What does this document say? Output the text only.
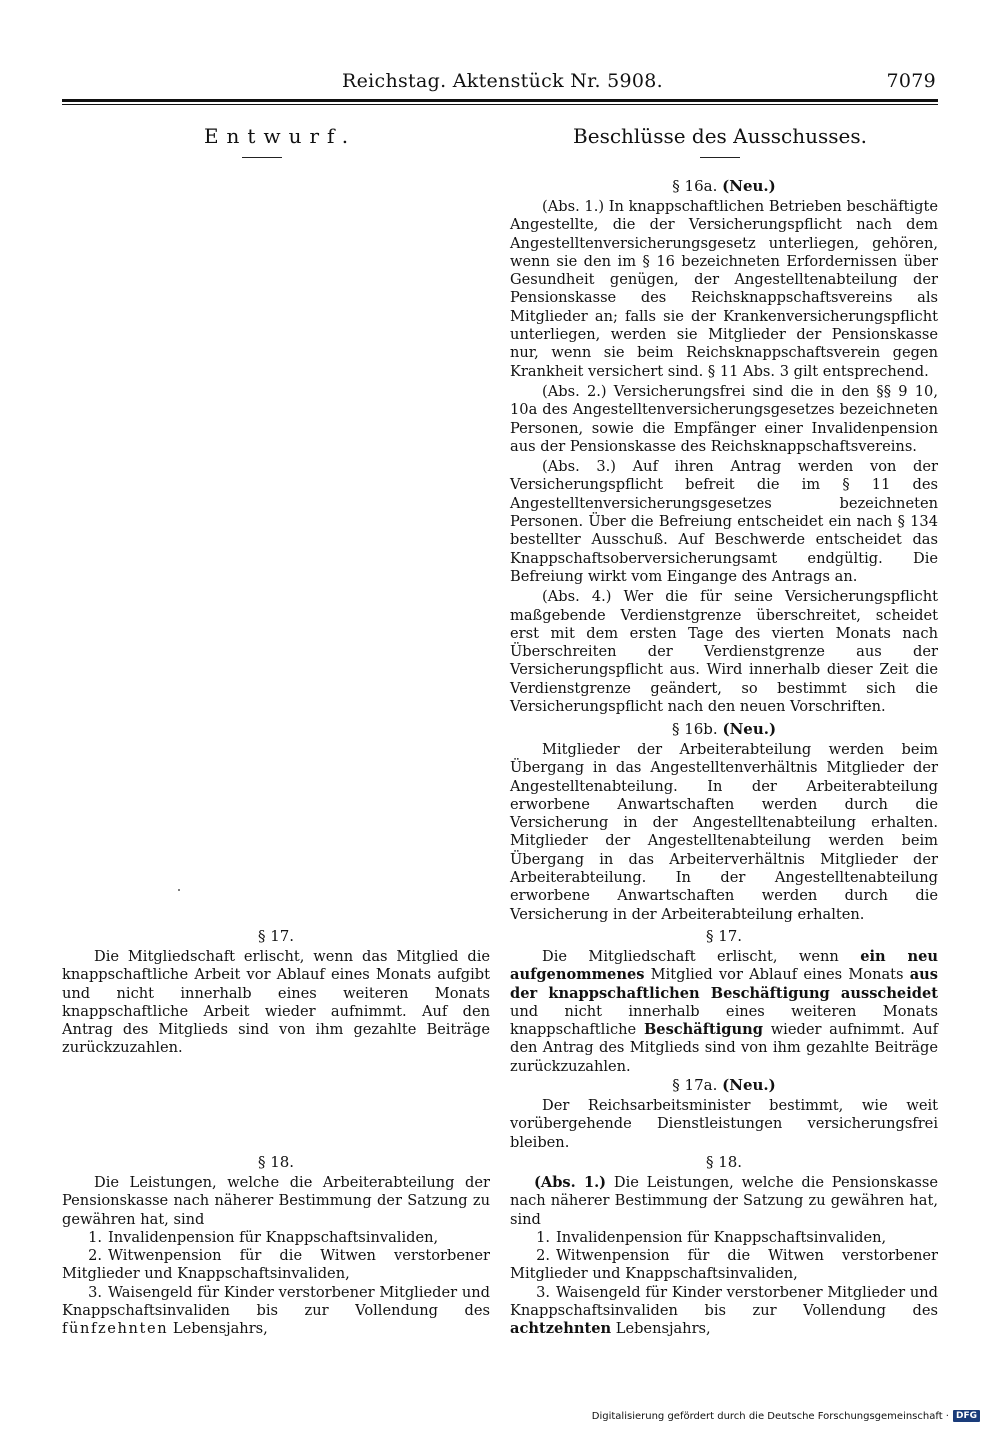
Reichstag. Aktenstück Nr. 5908.	7079
Entwurf.	Beschlüsse des Ausschusses.
§ 16a. (Neu.)

(Abs. 1.) In knappschaftlichen Betrieben beschäftigte Angestellte, die der Versicherungspflicht nach dem Angestelltenversicherungsgesetz unterliegen, gehören, wenn sie den im § 16 bezeichneten Erfordernissen über Gesundheit genügen, der Angestelltenabteilung der Pensionskasse des Reichsknappschaftsvereins als Mitglieder an; falls sie der Krankenversicherungspflicht unterliegen, werden sie Mitglieder der Pensionskasse nur, wenn sie beim Reichsknappschaftsverein gegen Krankheit versichert sind. § 11 Abs. 3 gilt entsprechend.

(Abs. 2.) Versicherungsfrei sind die in den §§ 9 10, 10a des Angestelltenversicherungsgesetzes bezeichneten Personen, sowie die Empfänger einer Invalidenpension aus der Pensionskasse des Reichsknappschaftsvereins.

(Abs. 3.) Auf ihren Antrag werden von der Versicherungspflicht befreit die im § 11 des Angestelltenversicherungsgesetzes bezeichneten Personen. Über die Befreiung entscheidet ein nach § 134 bestellter Ausschuß. Auf Beschwerde entscheidet das Knappschaftsoberversicherungsamt endgültig. Die Befreiung wirkt vom Eingange des Antrags an.

(Abs. 4.) Wer die für seine Versicherungspflicht maßgebende Verdienstgrenze überschreitet, scheidet erst mit dem ersten Tage des vierten Monats nach Überschreiten der Verdienstgrenze aus der Versicherungspflicht aus. Wird innerhalb dieser Zeit die Verdienstgrenze geändert, so bestimmt sich die Versicherungspflicht nach den neuen Vorschriften.

§ 16b. (Neu.)

Mitglieder der Arbeiterabteilung werden beim Übergang in das Angestelltenverhältnis Mitglieder der Angestelltenabteilung. In der Arbeiterabteilung erworbene Anwartschaften werden durch die Versicherung in der Angestelltenabteilung erhalten. Mitglieder der Angestelltenabteilung werden beim Übergang in das Arbeiterverhältnis Mitglieder der Arbeiterabteilung. In der Angestelltenabteilung erworbene Anwartschaften werden durch die Versicherung in der Arbeiterabteilung erhalten.

§ 17.

Die Mitgliedschaft erlischt, wenn das Mitglied die knappschaftliche Arbeit vor Ablauf eines Monats aufgibt und nicht innerhalb eines weiteren Monats knappschaftliche Arbeit wieder aufnimmt. Auf den Antrag des Mitglieds sind von ihm gezahlte Beiträge zurückzuzahlen.

§ 17.

Die Mitgliedschaft erlischt, wenn ein neu aufgenommenes Mitglied vor Ablauf eines Monats aus der knappschaftlichen Beschäftigung ausscheidet und nicht innerhalb eines weiteren Monats knappschaftliche Beschäftigung wieder aufnimmt. Auf den Antrag des Mitglieds sind von ihm gezahlte Beiträge zurückzuzahlen.

§ 17a. (Neu.)

Der Reichsarbeitsminister bestimmt, wie weit vorübergehende Dienstleistungen versicherungsfrei bleiben.

§ 18.

Die Leistungen, welche die Arbeiterabteilung der Pensionskasse nach näherer Bestimmung der Satzung zu gewähren hat, sind

1. Invalidenpension für Knappschaftsinvaliden,
2. Witwenpension für die Witwen verstorbener Mitglieder und Knappschaftsinvaliden,
3. Waisengeld für Kinder verstorbener Mitglieder und Knappschaftsinvaliden bis zur Vollendung des fünfzehnten Lebensjahrs,
§ 18.

(Abs. 1.) Die Leistungen, welche die Pensionskasse nach näherer Bestimmung der Satzung zu gewähren hat, sind

1. Invalidenpension für Knappschaftsinvaliden,
2. Witwenpension für die Witwen verstorbener Mitglieder und Knappschaftsinvaliden,
3. Waisengeld für Kinder verstorbener Mitglieder und Knappschaftsinvaliden bis zur Vollendung des achtzehnten Lebensjahrs,
Digitalisierung gefördert durch die Deutsche Forschungsgemeinschaft · DFG
